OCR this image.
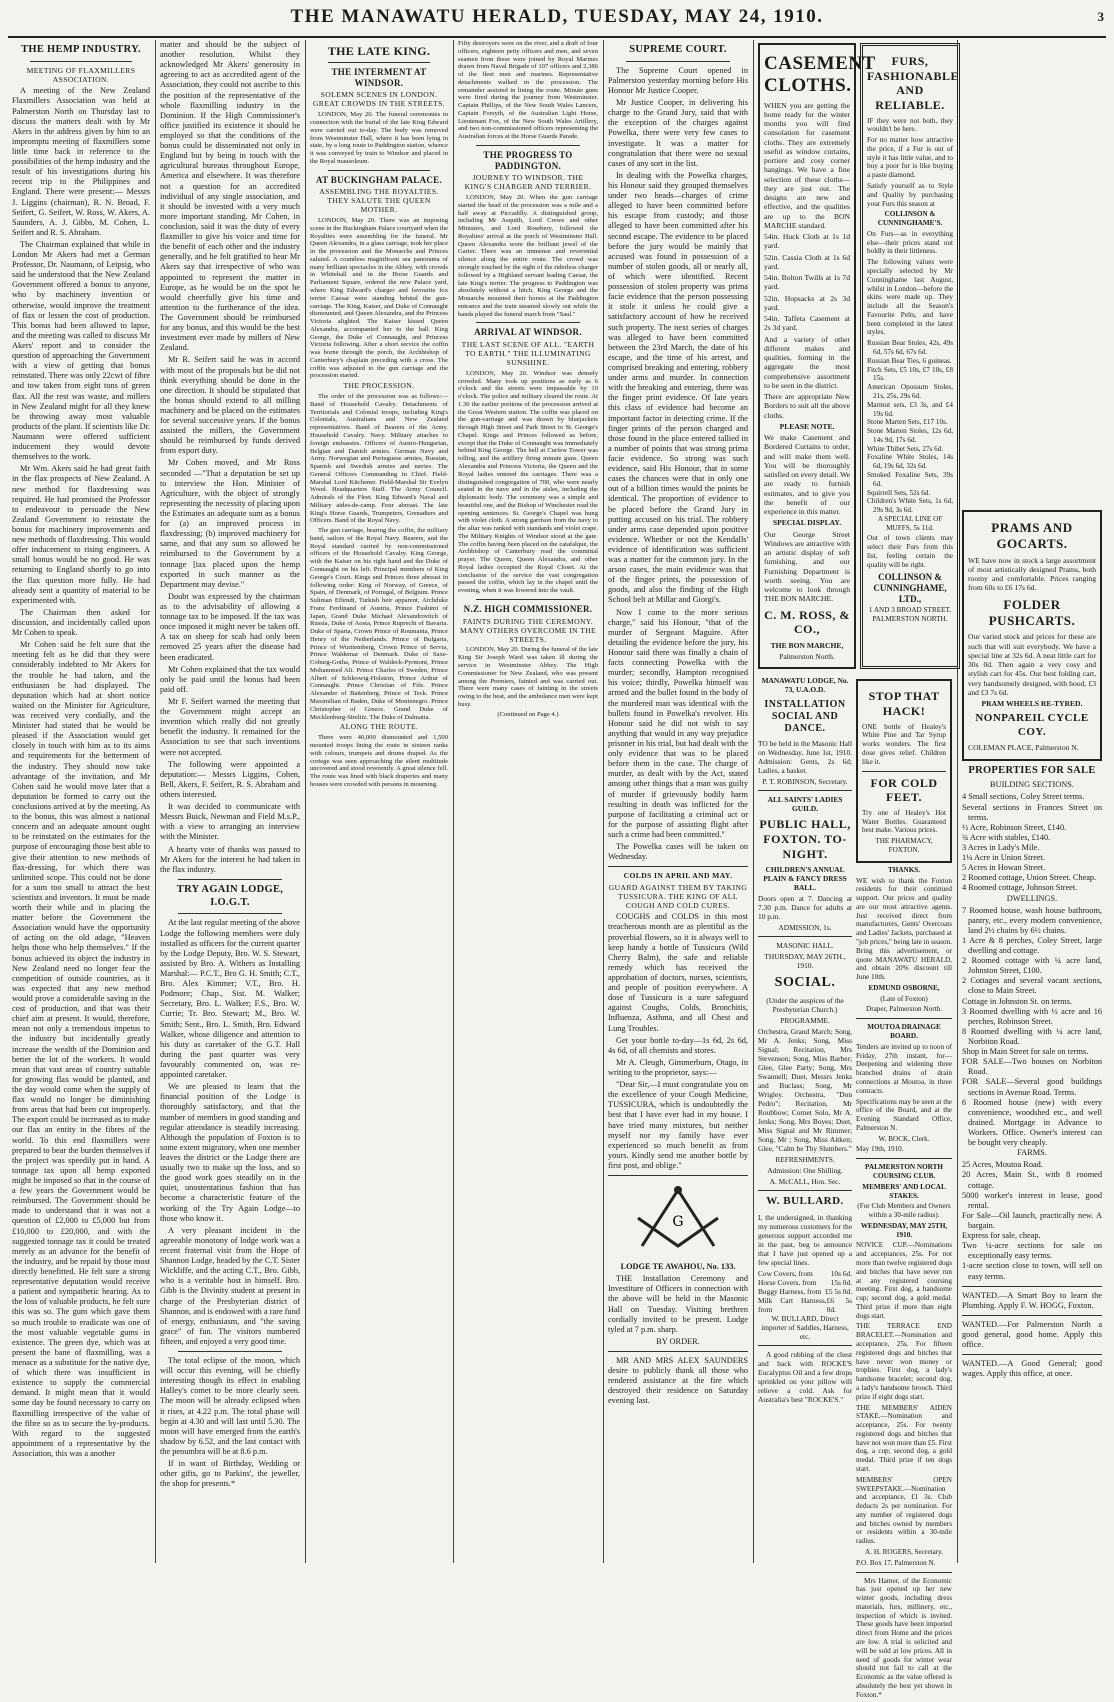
THE MANAWATU HERALD, TUESDAY, MAY 24, 1910.	3
THE HEMP INDUSTRY.
MEETING OF FLAXMILLERS ASSOCIATION.

A meeting of the New Zealand Flaxmillers Association was held at Palmerston North on Thursday last to discuss the matters dealt with by Mr Akers in the address given by him to an impromptu meeting of flaxmillers some little time back in reference to the possibilities of the hemp industry and the result of his investigations during his recent trip to the Philippines and England. There were present:— Messrs J. Liggins (chairman), R. N. Broad, F. Seifert, G. Seifert, W. Ross, W. Akers, A. Saunders, A. J. Gibbs, M. Cohen, L. Seifert and R. S. Abraham.

The Chairman explained that while in London Mr Akers had met a German Professor, Dr. Naumann, of Leipsig, who said he understood that the New Zealand Government offered a bonus to anyone, who by machinery invention or otherwise, would improve the treatment of flax or lessen the cost of production. This bonus had been allowed to lapse, and the meeting was called to discuss Mr Akers' report and to consider the question of approaching the Government with a view of getting that bonus reinstated. There was only 22cwt of fibre and tow taken from eight tons of green flax. All the rest was waste, and millers in New Zealand might for all they knew be throwing away most valuable products of the plant. If scientists like Dr. Naumann were offered sufficient inducement they would devote themselves to the work.

Mr Wm. Akers said he had great faith in the flax prospects of New Zealand. A new method for flaxdressing was required. He had promised the Professor to endeavour to persuade the New Zealand Government to reinstate the bonus for machinery improvements and new methods of flaxdressing. This would offer inducement to rising engineers. A small bonus would be no good. He was returning to England shortly to go into the flax question more fully. He had already sent a quantity of material to be experimented with.

The Chairman then asked for discussion, and incidentally called upon Mr Cohen to speak.

Mr Cohen said he felt sure that the meeting felt as he did that they were considerably indebted to Mr Akers for the trouble he had taken, and the enthusiasm he had displayed. The deputation which had at short notice waited on the Minister for Agriculture, was received very cordially, and the Minister had stated that he would be pleased if the Association would get closely in touch with him as to its aims and requirements for the betterment of the industry. They should now take advantage of the invitation, and Mr Cohen said he would move later that a deputation be formed to carry out the conclusions arrived at by the meeting. As to the bonus, this was almost a national concern and an adequate amount ought to be reinstated on the estimates for the purpose of encouraging those best able to give their attention to new methods of flax-dressing, for which there was unlimited scope. This could not be done for a sum too small to attract the best scientists and inventors. It must be made worth their while and in placing the matter before the Government the Association would have the opportunity of acting on the old adage, "Heaven helps those who help themselves." If the bonus achieved its object the industry in New Zealand need no longer fear the competition of outside countries, as it was expected that any new method would prove a considerable saving in the cost of production, and that was their chief aim at present. It would, therefore, mean not only a tremendous impetus to the industry but incidentally greatly increase the wealth of the Dominion and better the lot of the workers. It would mean that vast areas of country suitable for growing flax would be planted, and the day would come when the supply of flax would no longer be diminishing from areas that had been cut improperly. The export could be increased as to make our flax an entity in the fibres of the world. To this end flaxmillers were prepared to bear the burden themselves if the project was speedily put in hand. A tonnage tax upon all hemp exported might be imposed so that in the course of a few years the Government would be reimbursed. The Government should be made to understand that it was not a question of £2,000 to £5,000 but from £10,000 to £20,000, and with the suggested tonnage tax it could be treated merely as an advance for the benefit of the industry, and be repaid by those most directly benefitted. He felt sure a strong representative deputation would receive a patient and sympathetic hearing. As to the loss of valuable products, he felt sure this was so. The gum which gave them so much trouble to eradicate was one of the most valuable vegetable gums in existence. The green dye, which was at present the bane of flaxmilling, was a menace as a substitute for the native dye, of which there was insufficient in existence to supply the commercial demand. It might mean that it would some day be found necessary to carry on flaxmilling irrespective of the value of the fibre so as to secure the by-products. With regard to the suggested appointment of a representative by the Association, this was a another

matter and should be the subject of another resolution. Whilst they acknowledged Mr Akers' generosity in agreeing to act as accredited agent of the Association, they could not ascribe to this the position of the representative of the whole flaxmilling industry in the Dominion. If the High Commissioner's office justified its existence it should be employed so that the conditions of the bonus could be disseminated not only in England but by being in touch with the agricultural bureaus throughout Europe, America and elsewhere. It was therefore not a question for an accredited individual of any single association, and it should be invested with a very much more important standing. Mr Cohen, in conclusion, said it was the duty of every flaxmiller to give his voice and time for the benefit of each other and the industry generally, and he felt gratified to hear Mr Akers say that irrespective of who was appointed to represent the matter in Europe, as he would be on the spot he would cheerfully give his time and attention to the furtherance of the idea. The Government should be reimbursed for any bonus, and this would be the best investment ever made by millers of New Zealand.

Mr R. Seifert said he was in accord with most of the proposals but he did not think everything should be done in the one direction. It should be stipulated that the bonus should extend to all milling machinery and be placed on the estimates for several successive years. If the bonus assisted the millers, the Government should be reimbursed by funds derived from export duty.

Mr Cohen moved, and Mr Ross seconded —"That a deputation be set up to interview the Hon. Minister of Agriculture, with the object of strongly representing the necessity of placing upon the Estimates an adequate sum as a bonus for (a) an improved process in flaxdressing; (b) improved machinery for same, and that any sum so allowed be reimbursed to the Government by a tonnage [tax placed upon the hemp exported in such manner as the Department may devise."

Doubt was expressed by the chairman as to the advisability of allowing a tonnage tax to be imposed. If the tax was once imposed it might never be taken off. A tax on sheep for scab had only been removed 25 years after the disease had been eradicated.

Mr Cohen explained that the tax would only be paid until the bonus had been paid off.

Mr F. Seifert warned the meeting that the Government might accept an invention which really did not greatly benefit the industry. It remained for the Association to see that such inventions were not accepted.

The following were appointed a deputation:— Messrs Liggins, Cohen, Bell, Akers, F. Seifert, R. S. Abraham and others interested.

It was decided to communicate with Messrs Buick, Newman and Field M.s.P., with a view to arranging an interview with the Minister.

A hearty vote of thanks was passed to Mr Akers for the interest he had taken in the flax industry.

TRY AGAIN LODGE, I.O.G.T.

At the last regular meeting of the above Lodge the following members were duly installed as officers for the current quarter by the Lodge Deputy, Bro. W. S. Stewart, assisted by Bro. A. Withers as Installing Marshal:— P.C.T., Bro G. H. Smith; C.T., Bro. Alex Kimmer; V.T., Bro. H. Podmore; Chap., Sist. M. Walker; Secretary, Bro. L. Walker; F.S., Bro. W. Currie; Tr. Bro. Stewart; M., Bro. W. Smith; Sent., Bro. L. Smith, Bro. Edward Walker, whose diligence and attention to his duty as caretaker of the G.T. Hall during the past quarter was very favourably commented on, was re-appointed caretaker.

We are pleased to learn that the financial position of the Lodge is thoroughly satisfactory, and that the number of members in good standing and regular attendance is steadily increasing. Although the population of Foxton is to some extent migratory, when one member leaves the district or the Lodge there are usually two to make up the loss, and so the good work goes steadily on in the quiet, unostentatious fashion that has become a characteristic feature of the working of the Try Again Lodge—to those who know it.

A very pleasant incident in the agreeable monotony of lodge work was a recent fraternal visit from the Hope of Shannon Lodge, headed by the C.T. Sister Wickliffe, and the acting C.T., Bro. Gibb, who is a veritable host in himself. Bro. Gibb is the Divinity student at present in charge of the Presbyterian district of Shannon, and is endowed with a rare fund of energy, enthusiasm, and "the saving grace" of fun. The visitors numbered fifteen, and enjoyed a very good time.

The total eclipse of the moon, which will occur this evening, will be chiefly interesting though its effect in enabling Halley's comet to be more clearly seen. The moon will be already eclipsed when it rises, at 4.22 p.m. The total phase will begin at 4.30 and will last until 5.30. The moon will have emerged from the earth's shadow by 6.52, and the last contact with the penumbra will be at 8.6 p.m.

If in want of Birthday, Wedding or other gifts, go to Parkins', the jeweller, the shop for presents.*

THE LATE KING.
THE INTERMENT AT WINDSOR.
SOLEMN SCENES IN LONDON. GREAT CROWDS IN THE STREETS.

LONDON, May 20. The funeral ceremonies in connection with the burial of the late King Edward were carried out to-day. The body was removed from Westminster Hall, where it has been lying in state, by a long route to Paddington station, whence it was conveyed by train to Windsor and placed in the Royal mausoleum.

AT BUCKINGHAM PALACE.
ASSEMBLING THE ROYALTIES. THEY SALUTE THE QUEEN MOTHER.

LONDON, May 20. There was an imposing scene in the Buckingham Palace courtyard when the Royalties were assembling for the funeral. Mr Queen Alexandra, in a glass carriage, took her place in the procession and the Monarchs and Princes saluted. A countless magnificent sea panorama of many brilliant spectacles in the Abbey, with crowds in Whitehall and in the Horse Guards and Parliament Square, ordered the new Palace yard, where King Edward's charger and favourite fox terrier Caesar were standing behind the gun-carriage. The King, Kaiser, and Duke of Connaught dismounted, and Queen Alexandra, and the Princess Victoria alighted. The Kaiser kissed Queen Alexandra, accompanied her to the hall. King George, the Duke of Connaught, and Princess Victoria following. After a short service the coffin was borne through the porch, the Archbishop of Canterbury's chaplain preceding with a cross. The coffin was adjusted to the gun carriage and the procession started.

THE PROCESSION.

The order of the procession was as follows:— Band of Household Cavalry. Detachments of Territorials and Colonial troops, including King's Colonials, Australians and New Zealand representatives. Band of Bearers of the Army. Household Cavalry. Navy. Military attaches to foreign embassies. Officers of Austro-Hungarian, Belgian and Danish armies. German Navy and Army. Norwegian and Portuguese armies, Russian, Spanish and Swedish armies and navies. The General Officers Commanding in Chief. Field-Marshal Lord Kitchener. Field-Marshal Sir Evelyn Wood. Headquarters Staff. The Army Council. Admirals of the Fleet. King Edward's Naval and Military aides-de-camp. Four abreast. The late King's Horse Guards, Trumpeters, Grenadiers and Officers. Band of the Royal Navy.

The gun carriage, bearing the coffin, the military band, sailors of the Royal Navy. Bearers, and the Royal standard carried by non-commissioned officers of the Household Cavalry. King George, with the Kaiser on his right hand and the Duke of Connaught on his left. Principal members of King George's Court. Kings and Princes three abreast in following order: King of Norway, of Greece, of Spain, of Denmark, of Portugal, of Belgium. Prince Suliman Effendi, Turkish heir apparent, Archduke Franz Ferdinand of Austria, Prince Fushimi of Japan, Grand Duke Michael Alexandrovitch of Russia, Duke of Aosta, Prince Ruprecht of Bavaria. Duke of Sparta, Crown Prince of Roumania, Prince Henry of the Netherlands. Prince of Bulgaria, Prince of Wurttemberg, Crown Prince of Servia, Prince Waldemar of Denmark. Duke of Saxe-Coburg-Gotha, Prince of Waldeck-Pyrmont, Prince Mohammed Ali. Prince Charles of Sweden, Prince Albert of Schleswig-Holstein, Prince Arthur of Connaught. Prince Christian of Fife. Prince Alexander of Battenberg. Prince of Teck. Prince Maximilian of Baden, Duke of Montenegro. Prince Christopher of Greece. Grand Duke of Mecklenburg-Strelitz. The Duke of Dalmatia.

ALONG THE ROUTE.

There were 40,000 dismounted and 1,500 mounted troops lining the route in sixteen ranks with colours, trumpets and drums draped. As the cortege was seen approaching the silent multitude uncovered and stood reverently. A great silence fell. The route was lined with black draperies and many houses were crowded with persons in mourning.

Fifty destroyers were on the river, and a draft of four officers, eighteen petty officers and men, and seven seamen from these were joined by Royal Marines drawn from Naval Brigade of 107 officers and 2,386 of the fleet men and marines. Representative detachments walked in the procession. The remainder assisted in lining the route. Minute guns were fired during the journey from Westminster. Captain Phillips, of the New South Wales Lancers, Captain Forsyth, of the Australian Light Horse, Lieutenant Fox, of the New South Wales Artillery, and two non-commissioned officers representing the Australian forces at the Horse Guards Parade.

THE PROGRESS TO PADDINGTON.
JOURNEY TO WINDSOR. THE KING'S CHARGER AND TERRIER.

LONDON, May 20. When the gun carriage started the head of the procession was a mile and a half away at Piccadilly. A distinguished group, including Mr Asquith, Lord Crewe and other Ministers, and Lord Rosebery, followed the Royalties' arrival at the porch of Westminster Hall. Queen Alexandra wore the brilliant jewel of the Garter. There was an immense and reverential silence along the entire route. The crowd was strongly touched by the sight of the riderless charger followed by a Highland servant leading Caesar, the late King's terrier. The progress to Paddington was absolutely without a hitch. King George and the Monarchs mounted their horses at the Paddington entrance and the train steamed slowly out while the bands played the funeral march from "Saul."

ARRIVAL AT WINDSOR.
THE LAST SCENE OF ALL. "EARTH TO EARTH." THE ILLUMINATING SUNSHINE.

LONDON, May 20. Windsor was densely crowded. Many took up positions as early as 6 o'clock and the streets were impassable by 10 o'clock. The police and military cleared the route. At 1.30 the earlier portions of the procession arrived at the Great Western station. The coffin was placed on the gun-carriage and was drawn by bluejackets through High Street and Park Street to St. George's Chapel. Kings and Princes followed as before, except that the Duke of Connaught was immediately behind King George. The bell at Curfew Tower was tolling, and the artillery firing minute guns. Queen Alexandra and Princess Victoria, the Queen and the Royal ladies entered the carriages. There was a distinguished congregation of 700, who were nearly seated in the nave and in the aisles, including the diplomatic body. The ceremony was a simple and beautiful one, and the Bishop of Winchester read the opening sentences. St. George's Chapel was hung with violet cloth. A strong garrison from the navy to the altar was ranked with standards and violet crape. The Military Knights of Windsor stood at the gate. The coffin having been placed on the catafalque, the Archbishop of Canterbury read the committal prayer. The Queen, Queen Alexandra, and other Royal ladies occupied the Royal Closet. At the conclusion of the service the vast congregation passed the coffin, which lay in the chapel until the evening, when it was lowered into the vault.

N.Z. HIGH COMMISSIONER.
FAINTS DURING THE CEREMONY. MANY OTHERS OVERCOME IN THE STREETS.

LONDON, May 20. During the funeral of the late King Sir Joseph Ward was taken ill during the service in Westminster Abbey. The High Commissioner for New Zealand, who was present among the Premiers, fainted and was carried out. There were many cases of fainting in the streets owing to the heat, and the ambulance men were kept busy.

(Continued on Page 4.)

SUPREME COURT.

The Supreme Court opened in Palmerston yesterday morning before His Honour Mr Justice Cooper.

Mr Justice Cooper, in delivering his charge to the Grand Jury, said that with the exception of the charges against Powelka, there were very few cases to investigate. It was a matter for congratulation that there were no sexual cases of any sort in the list.

In dealing with the Powelka charges, his Honour said they grouped themselves under two heads—charges of crime alleged to have been committed before his escape from custody; and those alleged to have been committed after his second escape. The evidence to be placed before the jury would be mainly that accused was found in possession of a number of stolen goods, all or nearly all, of which were identified. Recent possession of stolen property was prima facie evidence that the person possessing it stole it unless he could give a satisfactory account of how he received such property. The next series of charges was alleged to have been committed between the 23rd March, the date of his escape, and the time of his arrest, and comprised breaking and entering, robbery under arms and murder. In connection with the breaking and entering, there was the finger print evidence. Of late years this class of evidence had become an important factor in detecting crime. If the finger prints of the person charged and those found in the place entered tallied in a number of points that was strong prima facie evidence. So strong was such evidence, said His Honour, that in some cases the chances were that in only one out of a billion times would the points be identical. The proportion of evidence to be placed before the Grand Jury in putting accused on his trial. The robbery under arms case depended upon positive evidence. Whether or not the Kendalls' evidence of identification was sufficient was a matter for the common jury. In the arson cases, the main evidence was that of the finger prints, the possession of goods, and also the finding of the High School belt at Millar and Giorgi's.

Now I come to the more serious charge," said his Honour, "that of the murder of Sergeant Maguire. After detailing the evidence before the jury, his Honour said there was finally a chain of facts connecting Powelka with the murder; secondly, Hampton recognised his voice; thirdly, Powelka himself was armed and the bullet found in the body of the murdered man was identical with the bullets found in Powelka's revolver. His Honour said he did not wish to say anything that would in any way prejudice prisoner in his trial, but had dealt with the only evidence that was to be placed before them in the case. The charge of murder, as dealt with by the Act, stated among other things that a man was guilty of murder if grievously bodily harm resulting in death was inflicted for the purpose of facilitating a criminal act or for the purpose of assisting flight after such a crime had been committed."

The Powelka cases will be taken on Wednesday.

COLDS IN APRIL AND MAY.
GUARD AGAINST THEM BY TAKING TUSSICURA. THE KING OF ALL COUGH AND COLD CURES.

COUGHS and COLDS in this most treacherous month are as plentiful as the proverbial flowers, so it is always well to keep handy a bottle of Tussicura (Wild Cherry Balm), the safe and reliable remedy which has received the approbation of doctors, nurses, scientists, and people of position everywhere. A dose of Tussicura is a sure safeguard against Coughs, Colds, Bronchitis, Influenza, Asthma, and all Chest and Lung Troubles.

Get your bottle to-day—1s 6d, 2s 6d, 4s 6d, of all chemists and stores.

Mr A. Cleugh, Gimmerburn, Otago, in writing to the proprietor, says:—

"Dear Sir,—I must congratulate you on the excellence of your Cough Medicine, TUSSICURA, which is undoubtedly the best that I have ever had in my house. I have tried many mixtures, but neither myself nor my family have ever experienced so much benefit as from yours. Kindly send me another bottle by first post, and oblige."

G

LODGE TE AWAHOU, No. 133.

THE Installation Ceremony and Investiture of Officers in connection with the above will be held in the Masonic Hall on Tuesday. Visiting brethren cordially invited to be present. Lodge tyled at 7 p.m. sharp.

BY ORDER.

MR AND MRS ALEX SAUNDERS desire to publicly thank all those who rendered assistance at the fire which destroyed their residence on Saturday evening last.

CASEMENT CLOTHS.

WHEN you are getting the home ready for the winter months you will find consolation for casement cloths. They are extremely useful as window curtains, portiere and cosy corner hangings. We have a fine selection of these cloths—they are just out. The designs are new and effective, and the qualities are up to the BON MARCHE standard.

54in. Huck Cloth at 1s 1d yard.

52in. Cassia Cloth at 1s 6d yard.

54in. Bolton Twills at 1s 7d yard.

52in. Hopsacks at 2s 3d yard.

54in. Taffeta Casement at 2s 3d yard.

And a variety of other different makes and qualities, forming in the aggregate the most comprehensive assortment to be seen in the district.

There are appropriate New Borders to suit all the above cloths.

PLEASE NOTE.

We make Casement and Bordered Curtains to order, and will make them well. You will be thoroughly satisfied on every detail. We are ready to furnish estimates, and to give you the benefit of our experience in this matter.

SPECIAL DISPLAY.

Our George Street Windows are attractive with an artistic display of soft furnishing, and our Furnishing Department is worth seeing. You are welcome to look through THE BON MARCHE.

C. M. ROSS, & CO.,

THE BON MARCHE,

Palmerston North.

FURS, FASHIONABLE AND RELIABLE.

IF they were not both, they wouldn't be here.

For no matter how attractive the price, if a Fur is out of style it has little value, and to buy a poor fur is like buying a paste diamond.

Satisfy yourself as to Style and Quality by purchasing your Furs this season at

COLLINSON & CUNNINGHAME'S.

On Furs—as in everything else—their prices stand out boldly in their littleness.

The following values were specially selected by Mr Cunninghame last August, whilst in London—before the skins were made up. They include all the Season's Favourite Pelts, and have been completed in the latest styles.

Russian Bear Stoles, 42s, 49s 6d, 57s 6d, 67s 6d.
Russian Bear Ties, 6 guineas.
Fitch Sets, £5 10s, £7 10s, £8 15s.
American Opossum Stoles, 21s, 25s, 29s 6d.
Marmot sets, £3 3s, and £4 19s 6d.
Stone Marten Sets, £17 10s.
Stone Marten Stoles, 12s 6d, 14s 9d, 17s 6d.
White Thibet Sets, 27s 6d.
Foxaline White Stoles, 14s 6d, 19s 6d, 32s 6d.
Smoked Foxaline Sets, 39s 6d.
Squirrell Sets, 52s 6d.
Children's White Sets, 1s 6d, 29s 9d, 3s 6d.

A SPECIAL LINE OF MUFFS, 5s 11d.

Out of town clients may select their Furs from this list, feeling certain the quality will be right.

COLLINSON & CUNNINGHAME, LTD.,

1 AND 3 BROAD STREET, PALMERSTON NORTH.

MANAWATU LODGE, No. 73, U.A.O.D.

INSTALLATION SOCIAL AND DANCE.

TO be held in the Masonic Hall on Wednesday, June 1st, 1910. Admission: Gents, 2s 6d; Ladies, a basket.

P. T. ROBINSON, Secretary.

ALL SAINTS' LADIES GUILD.

PUBLIC HALL, FOXTON. TO-NIGHT.

CHILDREN'S ANNUAL PLAIN & FANCY DRESS BALL.

Doors open at 7. Dancing at 7.30 p.m. Dance for adults at 10 p.m.

ADMISSION, 1s.

MASONIC HALL.

THURSDAY, MAY 26TH., 1910.

SOCIAL.

(Under the auspices of the Presbyterian Church.)

PROGRAMME.

Orchestra, Grand March; Song, Mr A. Jenks; Song, Miss Signal; Recitation, Mrs Stevenson; Song, Miss Barber; Glee, Glee Party; Song, Mrs Swannell; Duet, Messrs Jenks and Buclass; Song, Mr Wrigley. Orchestra, "Don Pedro"; Recitation, Mr Roubbow; Cornet Solo, Mr A. Jenks; Song, Mrs Boyes; Duet, Miss Signal and Mr Rimmer; Song, Mr ; Song, Miss Aitken; Glee, "Calm be Thy Slumbers."

REFRESHMENTS.

Admission: One Shilling.

A. McCALL, Hon. Sec.

W. BULLARD.

I, the undersigned, in thanking my numerous customers for the generous support accorded me in the past, beg to announce that I have just opened up a few special lines.

Cow Covers, from 10s 6d.
Horse Covers, from 15s 0d.
Buggy Harness, from £5 5s 0d.
Milk Cart Harness, from
£6 5s 0d.

W. BULLARD, Direct importer of Saddles, Harness, etc.

A good rubbing of the chest and back with ROCKE'S Eucalyptus Oil and a few drops sprinkled on your pillow will relieve a cold. Ask for Australia's best "ROCKE'S."

STOP THAT HACK!

ONE bottle of Healey's White Pine and Tar Syrup works wonders. The first dose gives relief. Children like it.

FOR COLD FEET.

Try one of Healey's Hot Water Bottles. Guaranteed best make. Various prices.

THE PHARMACY, FOXTON.

THANKS.

WE wish to thank the Foxton residents for their continued support. Our prices and quality are our most attractive agents. Just received direct from manufacturers, Gents' Overcoats and Ladies' Jackets, purchased at "job prices," being late in season. Bring this advertisement, or quote MANAWATU HERALD, and obtain 20% discount till June 10th.

EDMUND OSBORNE,

(Late of Foxton)

Draper, Palmerston North.

MOUTOA DRAINAGE BOARD.

Tenders are invited up to noon of Friday, 27th instant, for— Deepening and widening three branched drains of drain connections at Moutoa, in three contracts.

Specifications may be seen at the office of the Board, and at the Evening Standard Office, Palmerston N.

W. BOCK, Clerk.

May 19th, 1910.

PALMERSTON NORTH COURSING CLUB.

MEMBERS' AND LOCAL STAKES.

(For Club Members and Owners within a 30-mile radius).

WEDNESDAY, MAY 25TH, 1910.

NOVICE CUP.—Nominations and acceptances, 25s. For not more than twelve registered dogs and bitches that have never run at any registered coursing meeting. First dog, a handsome cup; second dog, a gold medal. Third prize if more than eight dogs start.

THE TERRACE END BRACELET.—Nomination and acceptance, 25s. For fifteen registered dogs and bitches that have never won money or trophies. First dog, a lady's handsome bracelet; second dog, a lady's handsome brooch. Third prize if eight dogs start.

THE MEMBERS' AIDEN STAKE.—Nomination and acceptance, 25s. For twenty registered dogs and bitches that have not won more than £5. First dog, a cup; second dog, a gold medal. Third prize if ten dogs start.

MEMBERS' OPEN SWEEPSTAKE.—Nomination and acceptance, £1 3s. Club deducts 2s per nomination. For any number of registered dogs and bitches owned by members or residents within a 30-mile radius.

A. H. ROGERS, Secretary.

P.O. Box 17, Palmerston N.

Mrs Hamer, of the Economic has just opened up her new winter goods, including dress materials, furs, millinery, etc., inspection of which is invited. These goods have been imported direct from Home and the prices are low. A trial is solicited and will be sold at low prices. All in need of goods for winter wear should not fail to call at the Economic as the value offered is absolutely the best yet shown in Foxton.*

PRAMS AND GOCARTS.

WE have now in stock a large assortment of most artistically designed Prams, both roomy and comfortable. Prices ranging from 60s to £6 17s 6d.

FOLDER PUSHCARTS.

Our varied stock and prices for these are such that will suit everybody. We have a special line at 32s 6d. A neat little cart for 30s 0d. Then again a very cosy and stylish cart for 45s. Our best folding cart, very handsomely designed, with hood, £3 and £3 7s 6d.

PRAM WHEELS RE-TYRED.

NONPAREIL CYCLE COY.

COLEMAN PLACE, Palmerston N.

PROPERTIES FOR SALE

BUILDING SECTIONS.

4 Small sections, Coley Street terms.
Several sections in Frances Street on terms.
½ Acre, Robinson Street, £140.
¾ Acre with stables, £140.
3 Acres in Lady's Mile.
1¼ Acre in Union Street.
5 Acres in Howan Street.
2 Roomed cottage, Union Street. Cheap.
4 Roomed cottage, Johnson Street.

DWELLINGS.

7 Roomed house, wash house bathroom, pantry, etc., every modern convenience, land 2½ chains by 6½ chains.
1 Acre & 8 perches, Coley Street, large dwelling and cottage.
2 Roomed cottage with ¼ acre land, Johnston Street, £100.
2 Cottages and several vacant sections, close to Main Street.
Cottage in Johnston St. on terms.
3 Roomed dwelling with ½ acre and 16 perches, Robinson Street.
8 Roomed dwelling with ¼ acre land, Norbiton Road.
Shop in Main Street for sale on terms.
FOR SALE—Two houses on Norbiton Road.
FOR SALE—Several good buildings sections in Avenue Road. Terms.
6 Roomed house (new) with every convenience, woodshed etc., and well drained. Mortgage in Advance to Workers. Office. Owner's interest can be bought very cheaply.

FARMS.

25 Acres, Moutoa Road.
20 Acres, Main St., with 8 roomed cottage.
5000 worker's interest in lease, good rental.
For Sale—Oil launch, practically new. A bargain.
Express for sale, cheap.
Two ¼-acre sections for sale on exceptionally easy terms.
1-acre section close to town, will sell on easy terms.

WANTED.—A Smart Boy to learn the Plumbing. Apply F. W. HOGG, Foxton.

WANTED.—For Palmerston North a good general, good home. Apply this office.

WANTED.—A Good General; good wages. Apply this office, at once.
